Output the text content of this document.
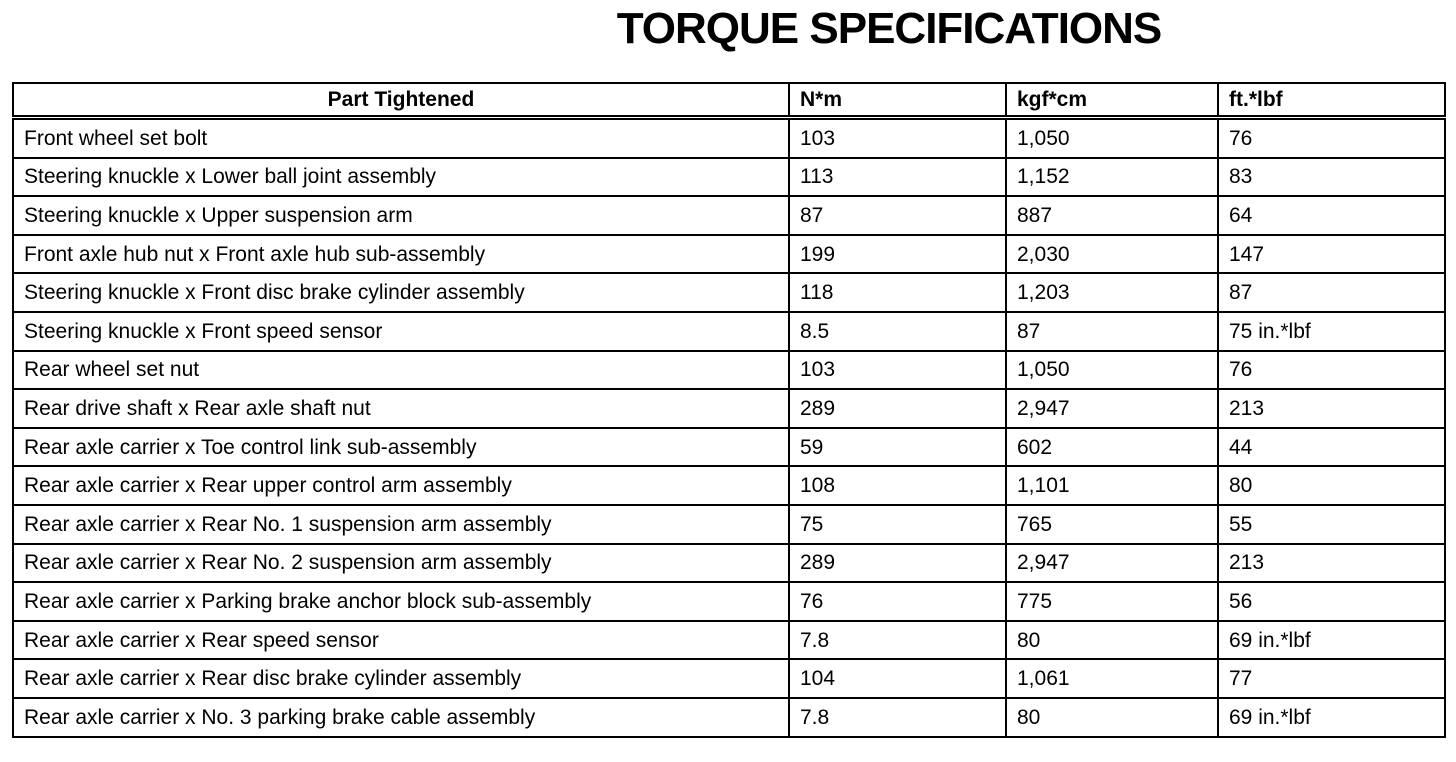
TORQUE SPECIFICATIONS
Part Tightened	N*m	kgf*cm	ft.*lbf
Front wheel set bolt	103	1,050	76
Steering knuckle x Lower ball joint assembly	113	1,152	83
Steering knuckle x Upper suspension arm	87	887	64
Front axle hub nut x Front axle hub sub-assembly	199	2,030	147
Steering knuckle x Front disc brake cylinder assembly	118	1,203	87
Steering knuckle x Front speed sensor	8.5	87	75 in.*lbf
Rear wheel set nut	103	1,050	76
Rear drive shaft x Rear axle shaft nut	289	2,947	213
Rear axle carrier x Toe control link sub-assembly	59	602	44
Rear axle carrier x Rear upper control arm assembly	108	1,101	80
Rear axle carrier x Rear No. 1 suspension arm assembly	75	765	55
Rear axle carrier x Rear No. 2 suspension arm assembly	289	2,947	213
Rear axle carrier x Parking brake anchor block sub-assembly	76	775	56
Rear axle carrier x Rear speed sensor	7.8	80	69 in.*lbf
Rear axle carrier x Rear disc brake cylinder assembly	104	1,061	77
Rear axle carrier x No. 3 parking brake cable assembly	7.8	80	69 in.*lbf
